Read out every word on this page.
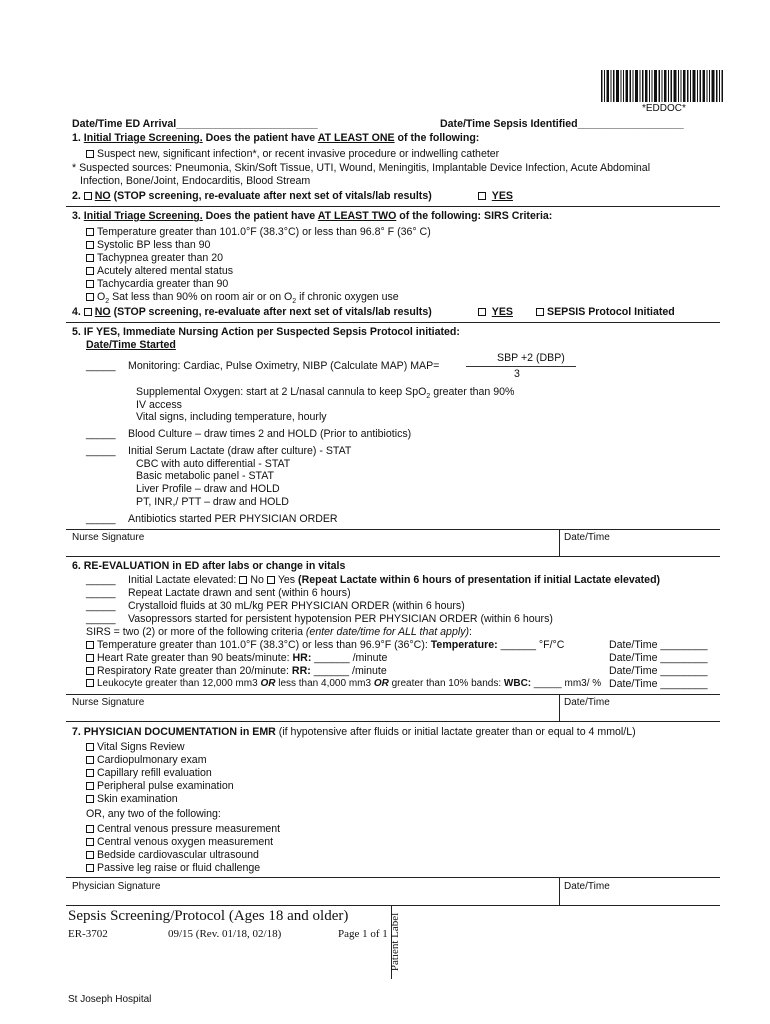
*EDDOC*
Date/Time ED Arrival________________________	Date/Time Sepsis Identified__________________
1. Initial Triage Screening. Does the patient have AT LEAST ONE of the following:
Suspect new, significant infection*, or recent invasive procedure or indwelling catheter
* Suspected sources: Pneumonia, Skin/Soft Tissue, UTI, Wound, Meningitis, Implantable Device Infection, Acute Abdominal
Infection, Bone/Joint, Endocarditis, Blood Stream
2. NO (STOP screening, re-evaluate after next set of vitals/lab results)	YES
3. Initial Triage Screening. Does the patient have AT LEAST TWO of the following: SIRS Criteria:
Temperature greater than 101.0°F (38.3°C) or less than 96.8° F (36° C)
Systolic BP less than 90
Tachypnea greater than 20
Acutely altered mental status
Tachycardia greater than 90
$O_2$ Sat less than 90% on room air or on $O_2$ if chronic oxygen use
4. NO (STOP screening, re-evaluate after next set of vitals/lab results)	YES	SEPSIS Protocol Initiated
5. IF YES, Immediate Nursing Action per Suspected Sepsis Protocol initiated:
Date/Time Started
_____ Monitoring: Cardiac, Pulse Oximetry, NIBP (Calculate MAP) MAP=
SBP +2 (DBP)
3
Supplemental Oxygen: start at 2 L/nasal cannula to keep SpO$_2$ greater than 90%
IV access
Vital signs, including temperature, hourly
_____ Blood Culture – draw times 2 and HOLD (Prior to antibiotics)
_____ Initial Serum Lactate (draw after culture) - STAT
CBC with auto differential - STAT
Basic metabolic panel - STAT
Liver Profile – draw and HOLD
PT, INR,/ PTT – draw and HOLD
_____ Antibiotics started PER PHYSICIAN ORDER
Nurse Signature	Date/Time
6. RE-EVALUATION in ED after labs or change in vitals
_____ Initial Lactate elevated: No Yes (Repeat Lactate within 6 hours of presentation if initial Lactate elevated)
_____ Repeat Lactate drawn and sent (within 6 hours)
_____ Crystalloid fluids at 30 mL/kg PER PHYSICIAN ORDER (within 6 hours)
_____ Vasopressors started for persistent hypotension PER PHYSICIAN ORDER (within 6 hours)
SIRS = two (2) or more of the following criteria (enter date/time for ALL that apply):
Temperature greater than 101.0°F (38.3°C) or less than 96.9°F (36°C): Temperature: ______ °F/°C	Date/Time ________
Heart Rate greater than 90 beats/minute: HR: ______ /minute	Date/Time ________
Respiratory Rate greater than 20/minute: RR: ______ /minute	Date/Time ________
Leukocyte greater than 12,000 mm3 OR less than 4,000 mm3 OR greater than 10% bands: WBC: _____ mm3/ % Date/Time ________
Nurse Signature	Date/Time
7. PHYSICIAN DOCUMENTATION in EMR (if hypotensive after fluids or initial lactate greater than or equal to 4 mmol/L)
Vital Signs Review
Cardiopulmonary exam
Capillary refill evaluation
Peripheral pulse examination
Skin examination
OR, any two of the following:
Central venous pressure measurement
Central venous oxygen measurement
Bedside cardiovascular ultrasound
Passive leg raise or fluid challenge
Physician Signature	Date/Time
Sepsis Screening/Protocol (Ages 18 and older)
ER-3702	09/15 (Rev. 01/18, 02/18)	Page 1 of 1 Patient Label
St Joseph Hospital
